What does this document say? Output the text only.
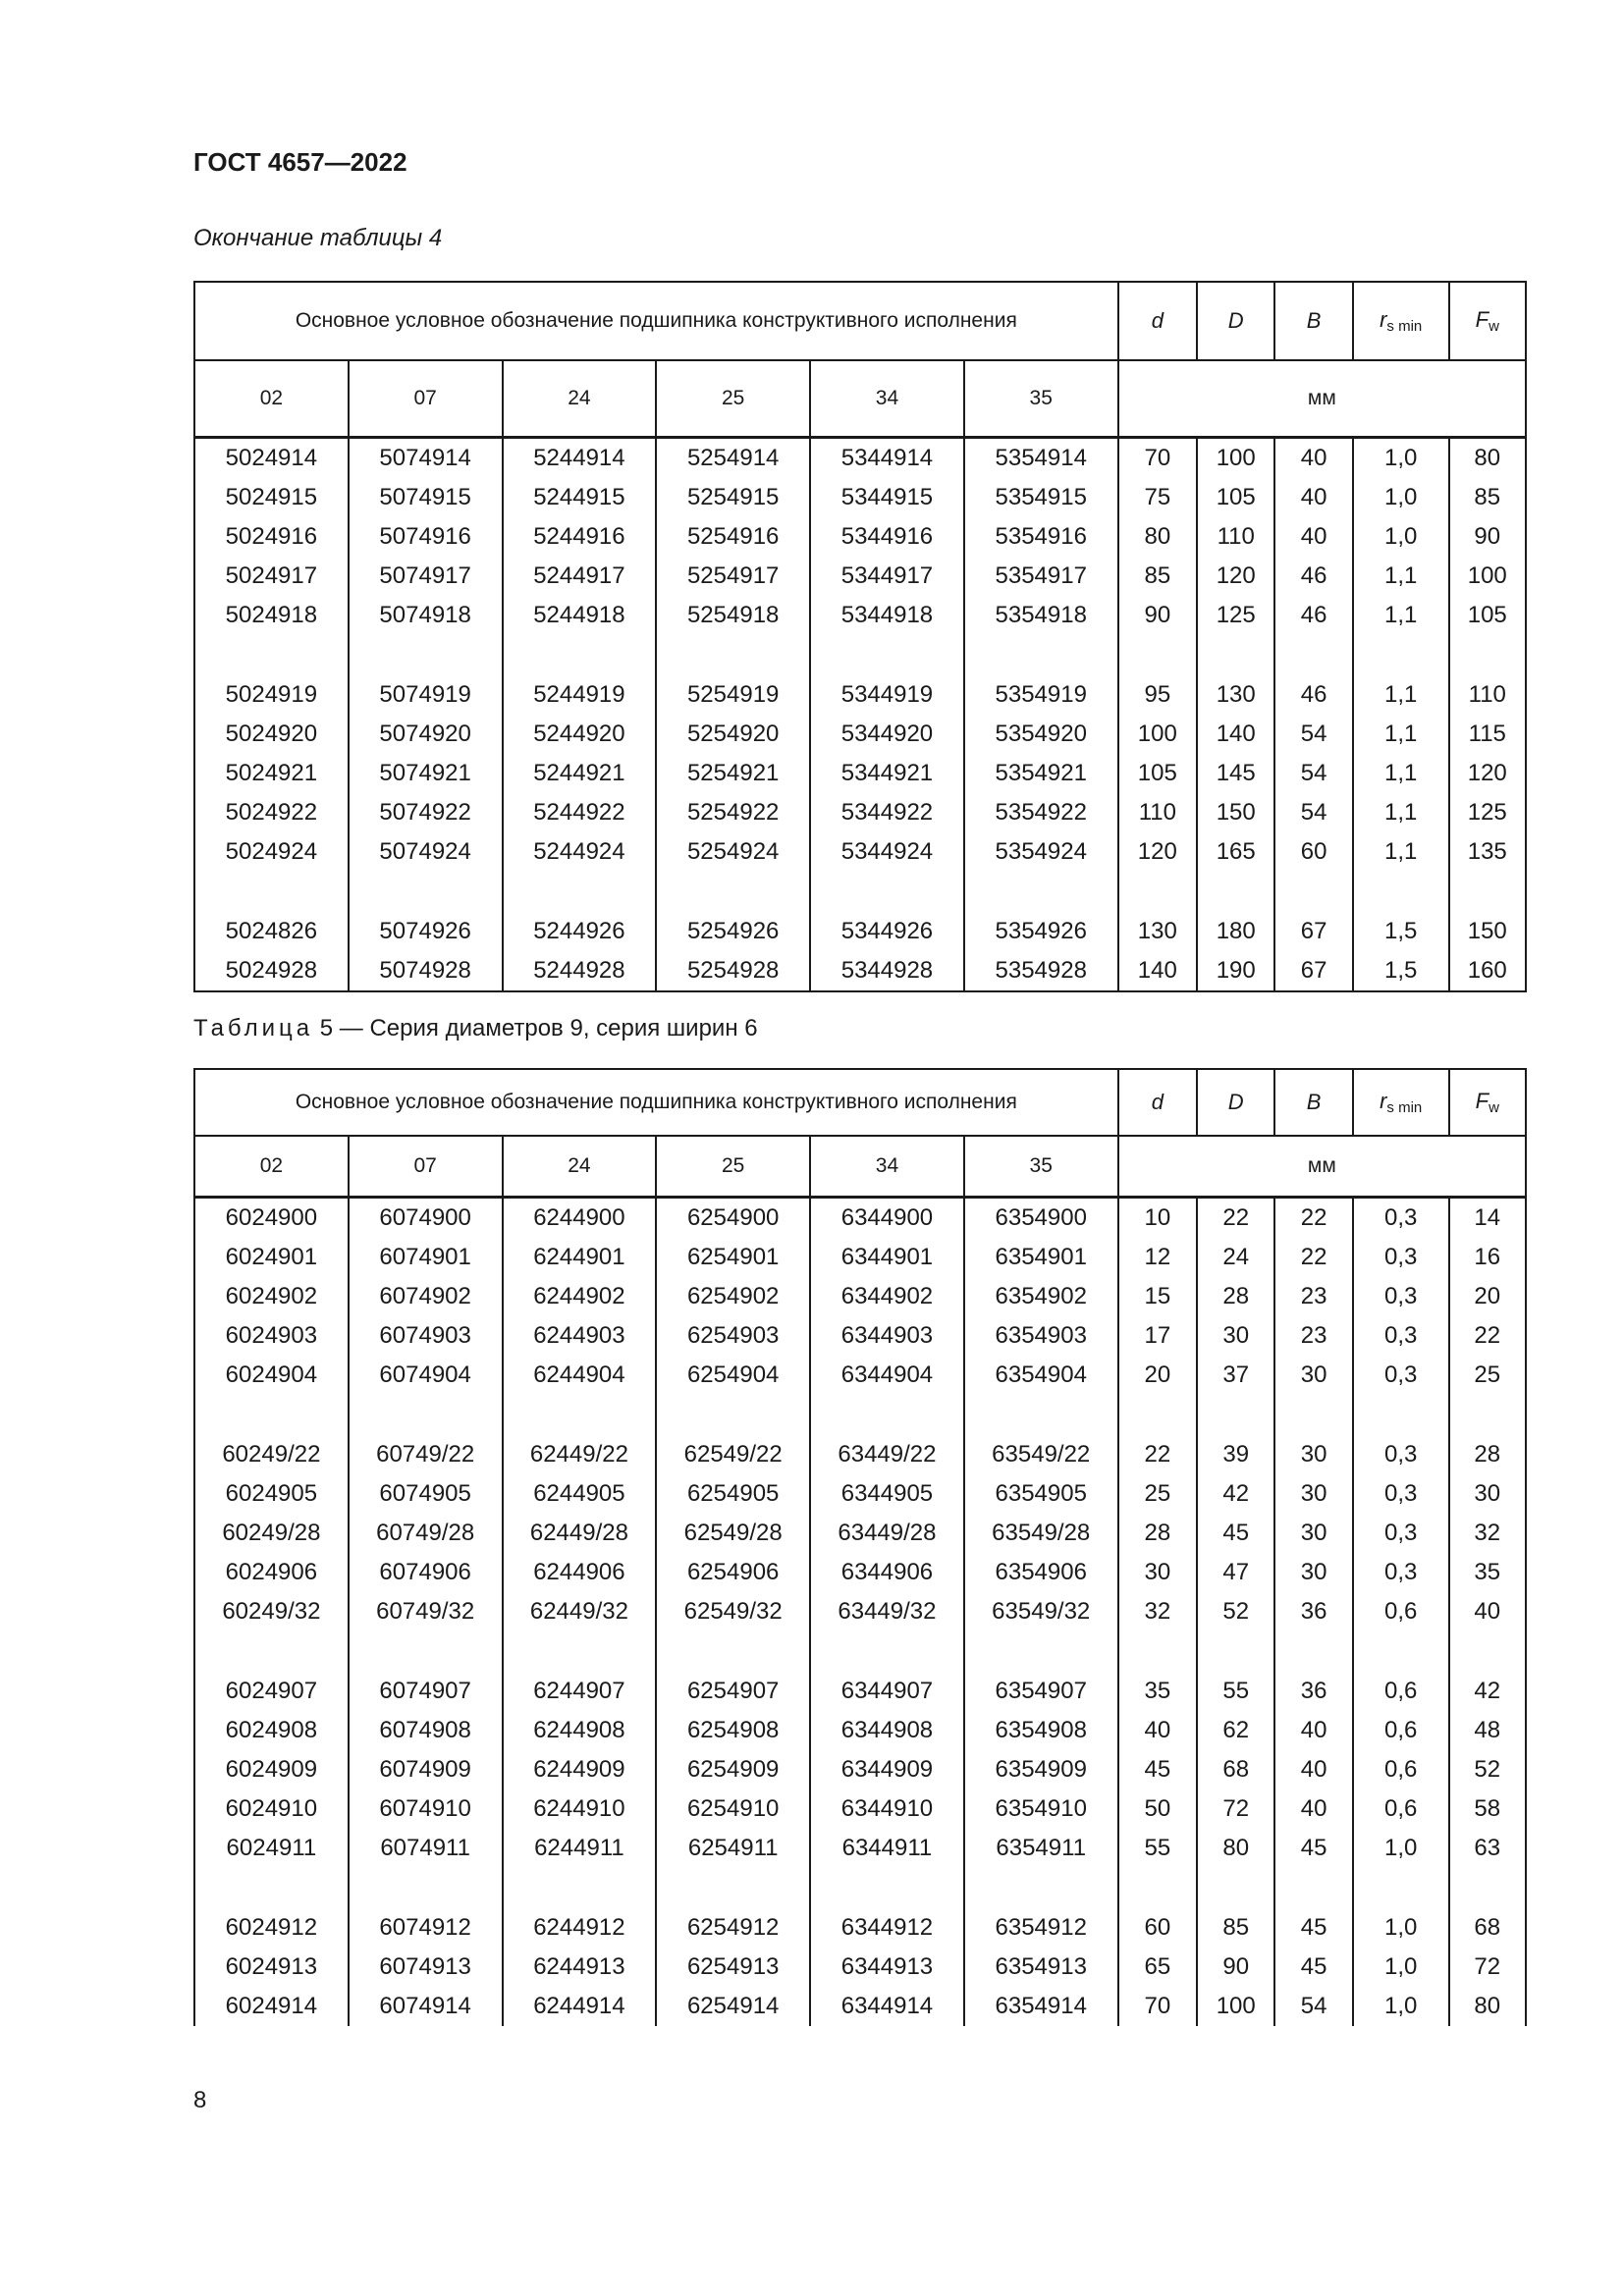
ГОСТ 4657—2022
Окончание таблицы 4
Основное условное обозначение подшипника конструктивного исполнения						d	D	B	$r_{s min}$	$F_w$
02	07	24	25	34	35	мм				
5024914	5074914	5244914	5254914	5344914	5354914	70	100	40	1,0	80
5024915	5074915	5244915	5254915	5344915	5354915	75	105	40	1,0	85
5024916	5074916	5244916	5254916	5344916	5354916	80	110	40	1,0	90
5024917	5074917	5244917	5254917	5344917	5354917	85	120	46	1,1	100
5024918	5074918	5244918	5254918	5344918	5354918	90	125	46	1,1	105
5024919	5074919	5244919	5254919	5344919	5354919	95	130	46	1,1	110
5024920	5074920	5244920	5254920	5344920	5354920	100	140	54	1,1	115
5024921	5074921	5244921	5254921	5344921	5354921	105	145	54	1,1	120
5024922	5074922	5244922	5254922	5344922	5354922	110	150	54	1,1	125
5024924	5074924	5244924	5254924	5344924	5354924	120	165	60	1,1	135
5024826	5074926	5244926	5254926	5344926	5354926	130	180	67	1,5	150
5024928	5074928	5244928	5254928	5344928	5354928	140	190	67	1,5	160
Таблица 5 — Серия диаметров 9, серия ширин 6
Основное условное обозначение подшипника конструктивного исполнения						d	D	B	$r_{s min}$	$F_w$
02	07	24	25	34	35	мм				
6024900	6074900	6244900	6254900	6344900	6354900	10	22	22	0,3	14
6024901	6074901	6244901	6254901	6344901	6354901	12	24	22	0,3	16
6024902	6074902	6244902	6254902	6344902	6354902	15	28	23	0,3	20
6024903	6074903	6244903	6254903	6344903	6354903	17	30	23	0,3	22
6024904	6074904	6244904	6254904	6344904	6354904	20	37	30	0,3	25
60249/22	60749/22	62449/22	62549/22	63449/22	63549/22	22	39	30	0,3	28
6024905	6074905	6244905	6254905	6344905	6354905	25	42	30	0,3	30
60249/28	60749/28	62449/28	62549/28	63449/28	63549/28	28	45	30	0,3	32
6024906	6074906	6244906	6254906	6344906	6354906	30	47	30	0,3	35
60249/32	60749/32	62449/32	62549/32	63449/32	63549/32	32	52	36	0,6	40
6024907	6074907	6244907	6254907	6344907	6354907	35	55	36	0,6	42
6024908	6074908	6244908	6254908	6344908	6354908	40	62	40	0,6	48
6024909	6074909	6244909	6254909	6344909	6354909	45	68	40	0,6	52
6024910	6074910	6244910	6254910	6344910	6354910	50	72	40	0,6	58
6024911	6074911	6244911	6254911	6344911	6354911	55	80	45	1,0	63
6024912	6074912	6244912	6254912	6344912	6354912	60	85	45	1,0	68
6024913	6074913	6244913	6254913	6344913	6354913	65	90	45	1,0	72
6024914	6074914	6244914	6254914	6344914	6354914	70	100	54	1,0	80
8
